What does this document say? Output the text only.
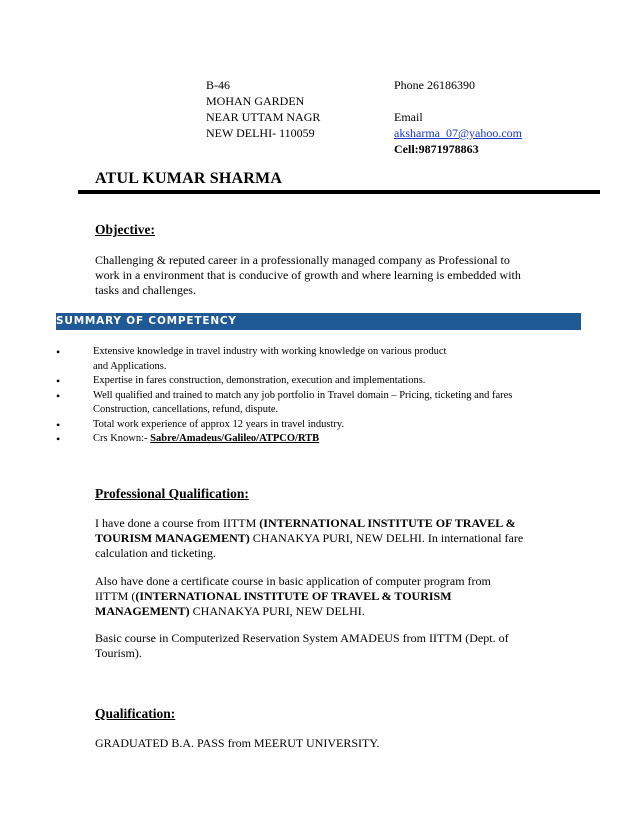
B-46
MOHAN GARDEN
NEAR UTTAM NAGR
NEW DELHI- 110059
Phone 26186390
Email
aksharma_07@yahoo.com
Cell:9871978863
ATUL KUMAR SHARMA
Objective:
Challenging & reputed career in a professionally managed company as Professional to
work in a environment that is conducive of growth and where learning is embedded with
tasks and challenges.
SUMMARY OF COMPETENCY
•	Extensive knowledge in travel industry with working knowledge on various product
and Applications.
•	Expertise in fares construction, demonstration, execution and implementations.
•	Well qualified and trained to match any job portfolio in Travel domain – Pricing, ticketing and fares
Construction, cancellations, refund, dispute.
•	Total work experience of approx 12 years in travel industry.
•	Crs Known:- Sabre/Amadeus/Galileo/ATPCO/RTB
Professional Qualification:
I have done a course from IITTM (INTERNATIONAL INSTITUTE OF TRAVEL & TOURISM MANAGEMENT) CHANAKYA PURI, NEW DELHI. In international fare calculation and ticketing.
Also have done a certificate course in basic application of computer program from IITTM ((INTERNATIONAL INSTITUTE OF TRAVEL & TOURISM MANAGEMENT) CHANAKYA PURI, NEW DELHI.
Basic course in Computerized Reservation System AMADEUS from IITTM (Dept. of Tourism).
Qualification:
GRADUATED B.A. PASS from MEERUT UNIVERSITY.
